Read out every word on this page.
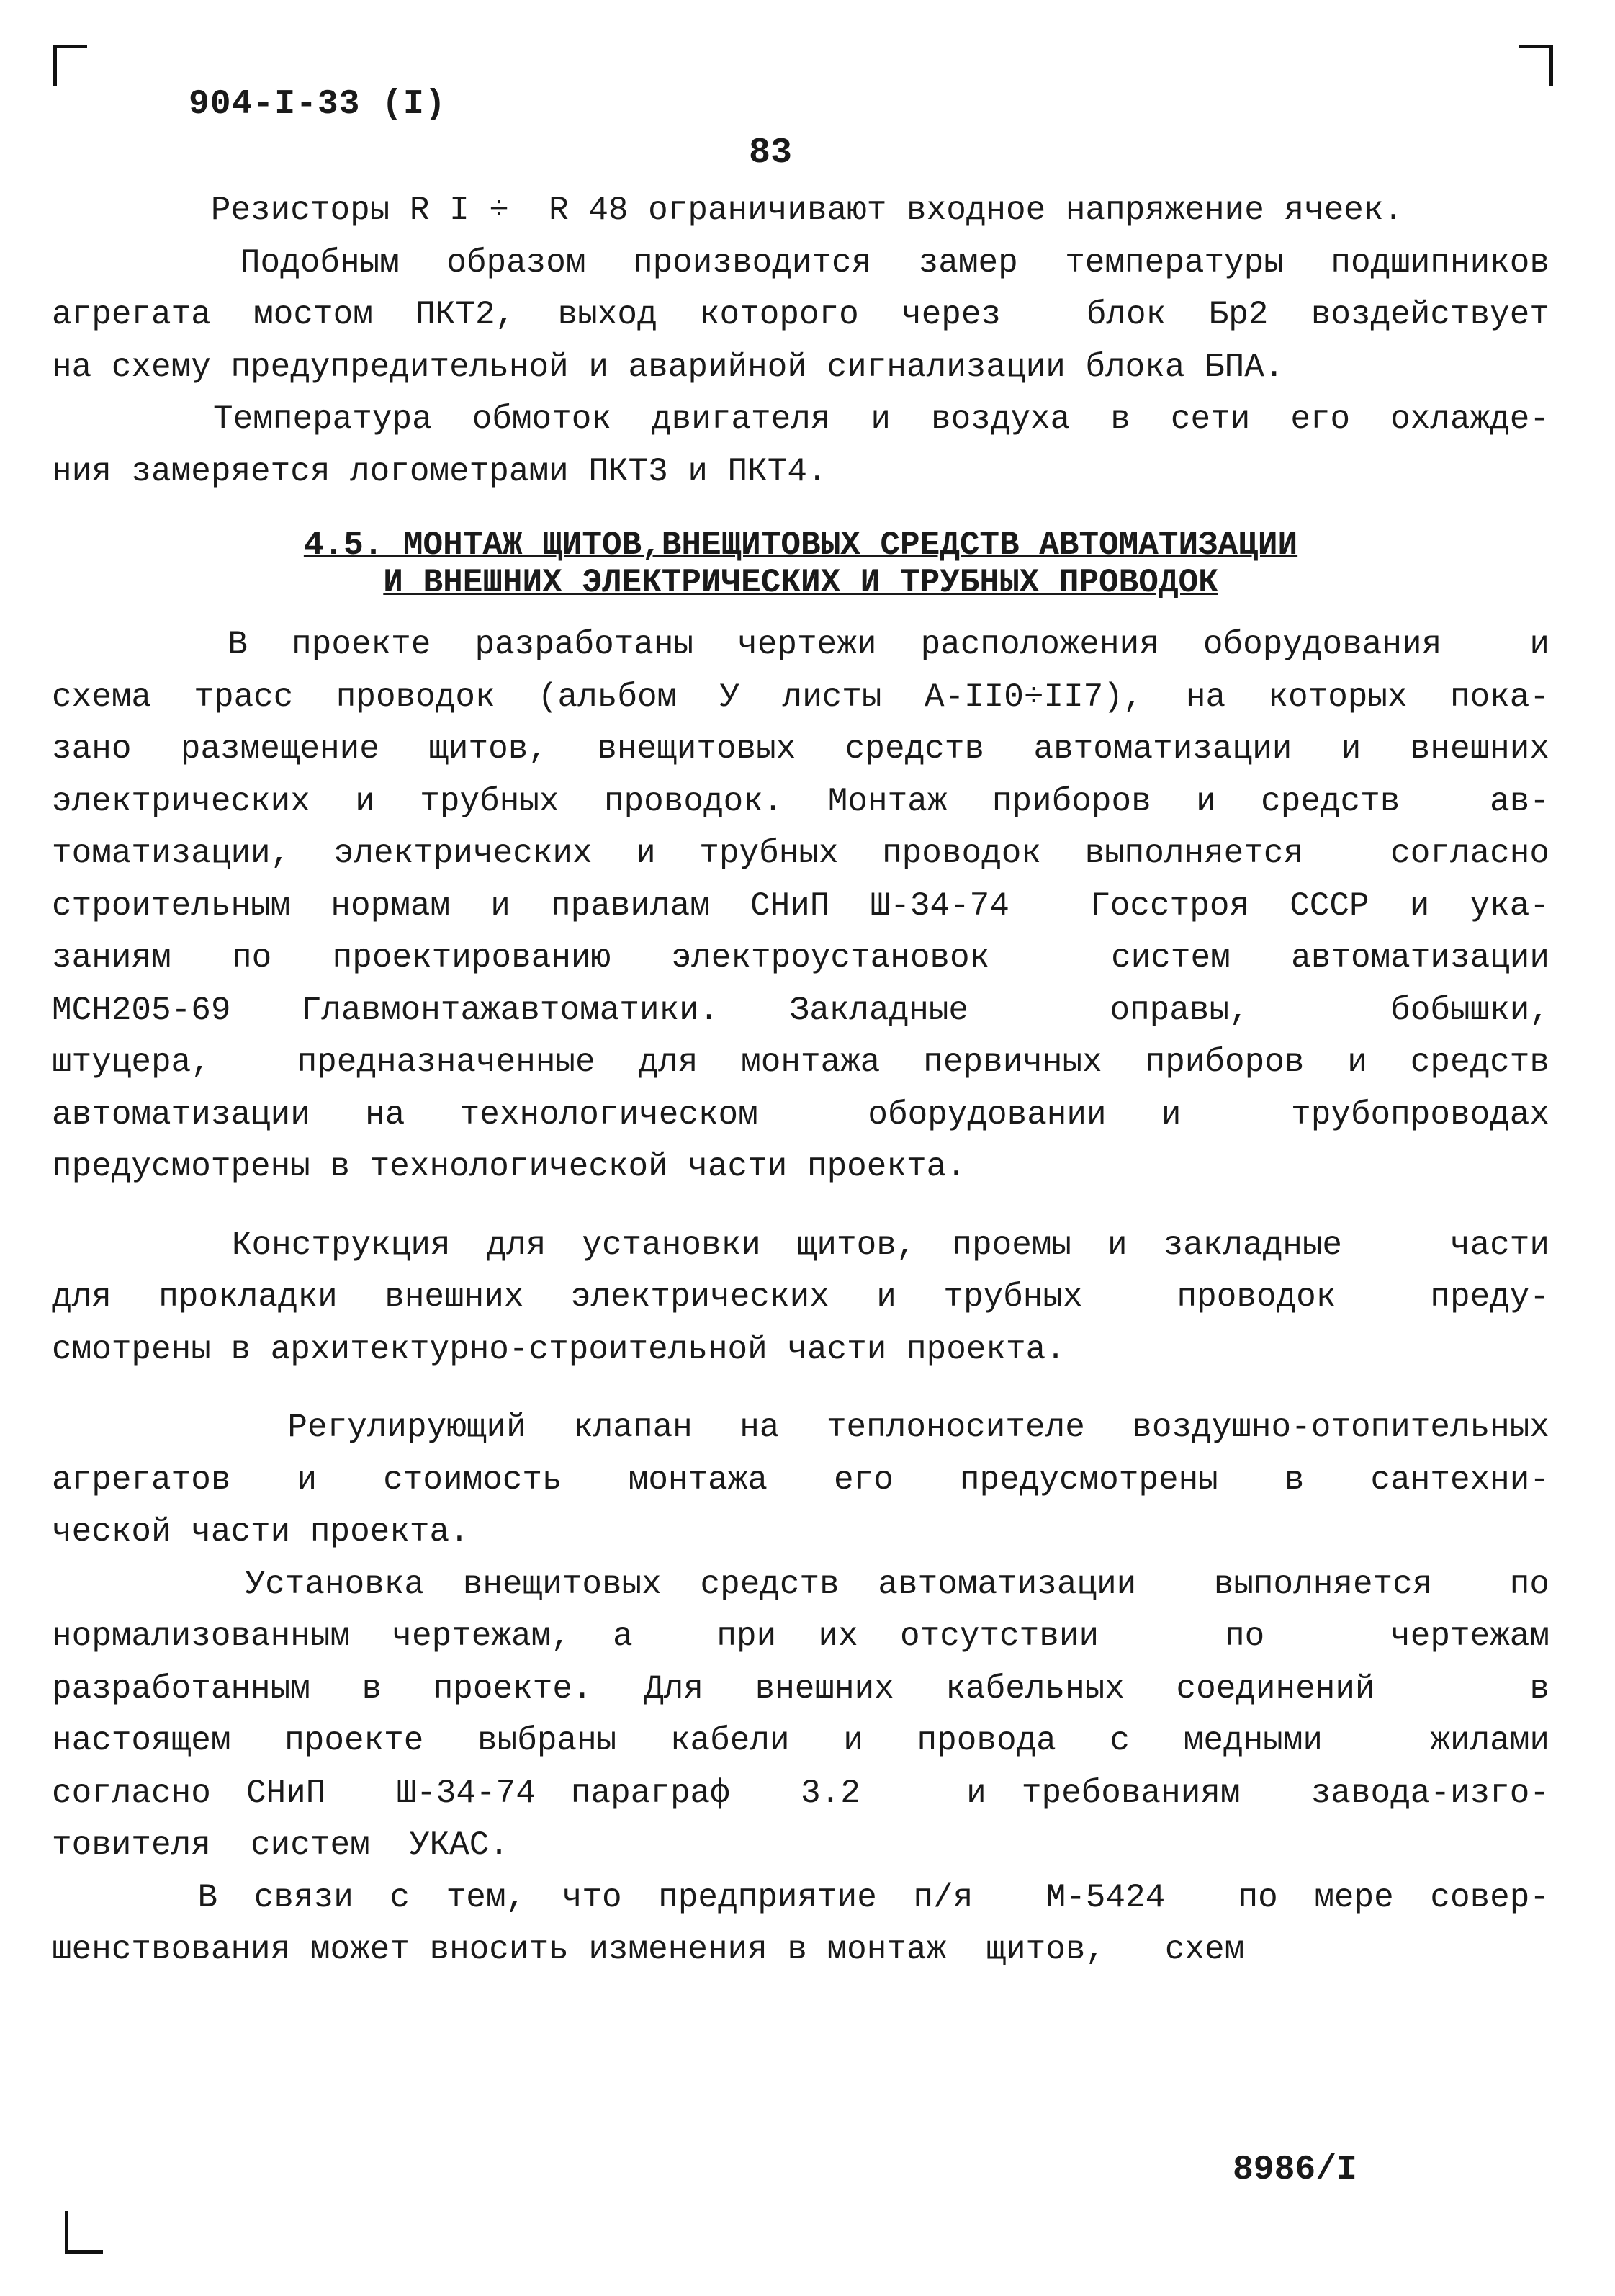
904-I-33 (I)
83

Резисторы R I ÷  R 48 ограничивают входное напряжение ячеек.

Подобным образом производится замер температуры подшипников
агрегата мостом ПКТ2, выход которого через  блок Бр2 воздействует
на схему предупредительной и аварийной сигнализации блока БПА.

Температура обмоток двигателя и воздуха в сети его охлажде-
ния замеряется логометрами ПКТ3 и ПКТ4.

4.5. МОНТАЖ ЩИТОВ,ВНЕЩИТОВЫХ СРЕДСТВ АВТОМАТИЗАЦИИ
И ВНЕШНИХ ЭЛЕКТРИЧЕСКИХ И ТРУБНЫХ ПРОВОДОК

В проекте разработаны чертежи расположения оборудования  и
схема трасс проводок (альбом У листы А-II0÷II7), на которых пока-
зано размещение щитов, внещитовых средств автоматизации и внешних
электрических и трубных проводок. Монтаж приборов и средств  ав-
томатизации, электрических и трубных проводок выполняется  согласно
строительным нормам и правилам СНиП Ш-34-74  Госстроя СССР и ука-
заниям по проектированию электроустановок  систем автоматизации
МСН205-69 Главмонтажавтоматики. Закладные  оправы,  бобышки,
штуцера,  предназначенные для монтажа первичных приборов и средств
автоматизации на технологическом  оборудовании и  трубопроводах
предусмотрены в технологической части проекта.

Конструкция для установки щитов, проемы и закладные   части
для прокладки внешних электрических и трубных  проводок  преду-
смотрены в архитектурно-строительной части проекта.

Регулирующий клапан на теплоносителе воздушно-отопительных
агрегатов и стоимость монтажа его предусмотрены в сантехни-
ческой части проекта.

Установка внещитовых средств автоматизации  выполняется  по
нормализованным чертежам, а  при их отсутствии   по   чертежам
разработанным в проекте. Для внешних кабельных соединений   в
настоящем проекте выбраны кабели и провода с медными  жилами
согласно СНиП  Ш-34-74 параграф  3.2   и требованиям  завода-изго-
товителя  систем  УКАС.

В связи с тем, что предприятие п/я  М-5424  по мере совер-
шенствования может вносить изменения в монтаж  щитов,   схем

8986/I
